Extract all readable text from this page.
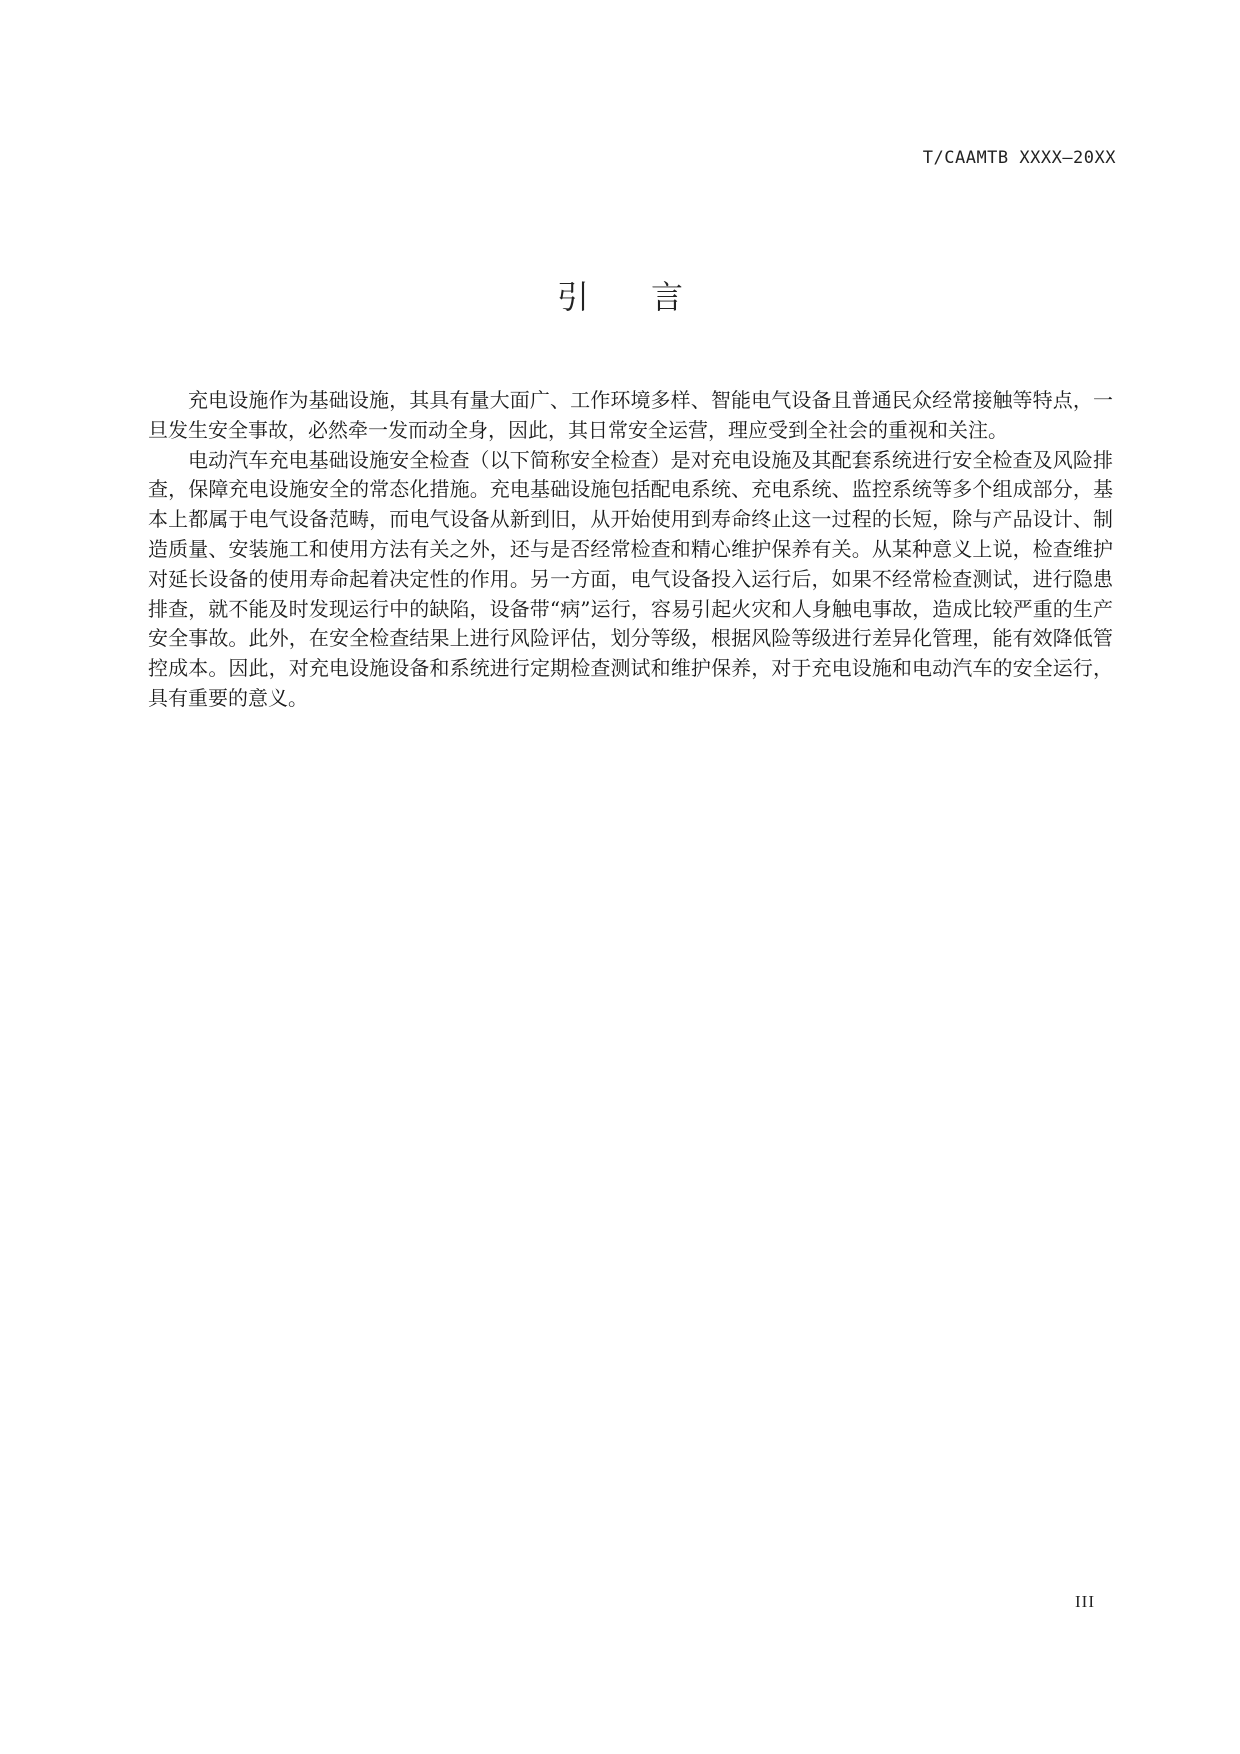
T/CAAMTB XXXX—20XX
引言

充电设施作为基础设施，其具有量大面广、工作环境多样、智能电气设备且普通民众经常接触等特点，一旦发生安全事故，必然牵一发而动全身，因此，其日常安全运营，理应受到全社会的重视和关注。

电动汽车充电基础设施安全检查（以下简称安全检查）是对充电设施及其配套系统进行安全检查及风险排查，保障充电设施安全的常态化措施。充电基础设施包括配电系统、充电系统、监控系统等多个组成部分，基本上都属于电气设备范畴，而电气设备从新到旧，从开始使用到寿命终止这一过程的长短，除与产品设计、制造质量、安装施工和使用方法有关之外，还与是否经常检查和精心维护保养有关。从某种意义上说，检查维护对延长设备的使用寿命起着决定性的作用。另一方面，电气设备投入运行后，如果不经常检查测试，进行隐患排查，就不能及时发现运行中的缺陷，设备带“病”运行，容易引起火灾和人身触电事故，造成比较严重的生产安全事故。此外，在安全检查结果上进行风险评估，划分等级，根据风险等级进行差异化管理，能有效降低管控成本。因此，对充电设施设备和系统进行定期检查测试和维护保养，对于充电设施和电动汽车的安全运行，具有重要的意义。

III
